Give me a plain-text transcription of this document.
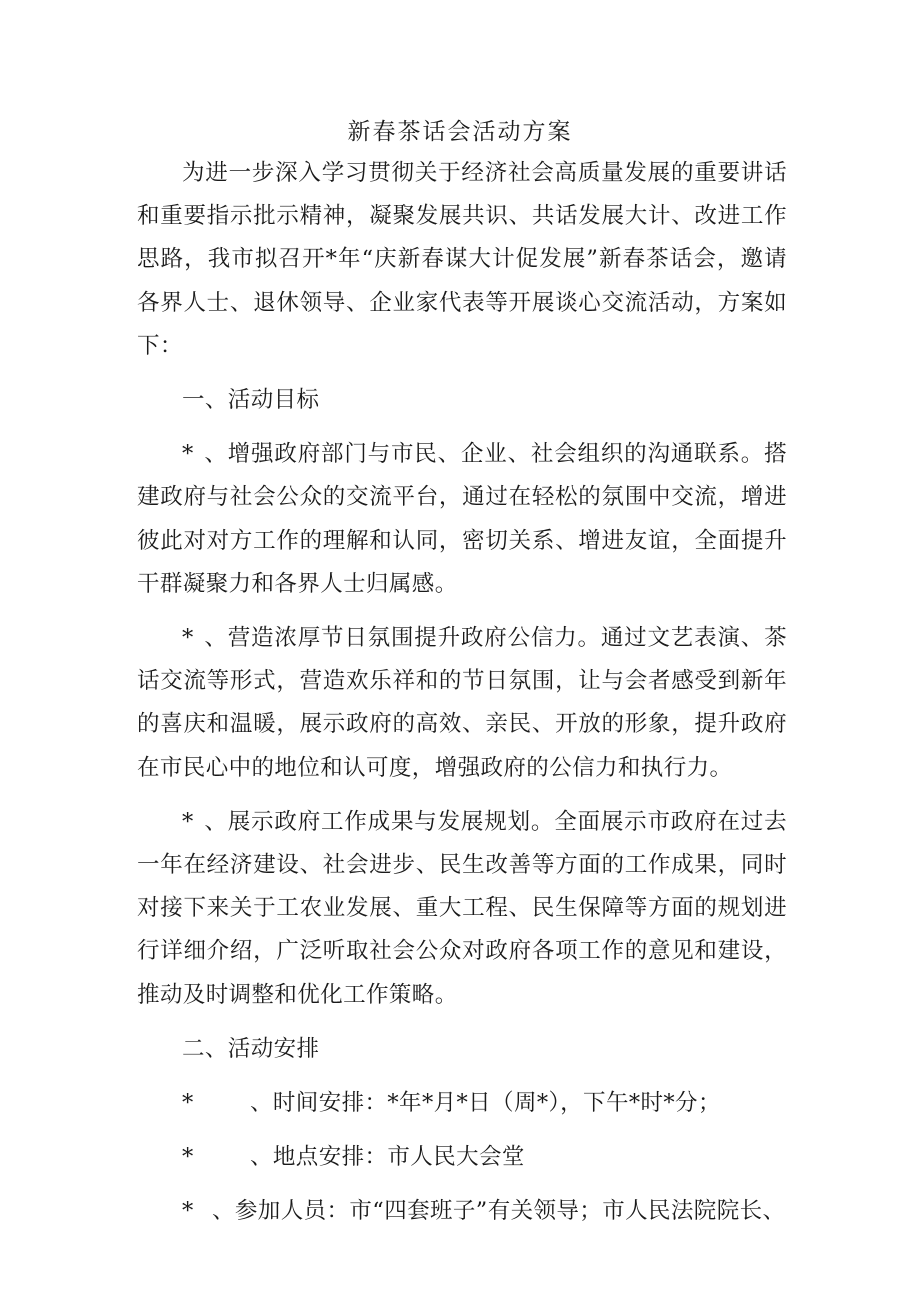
新春茶话会活动方案

为进一步深入学习贯彻关于经济社会高质量发展的重要讲话和重要指示批示精神，凝聚发展共识、共话发展大计、改进工作思路，我市拟召开*年“庆新春谋大计促发展”新春茶话会，邀请各界人士、退休领导、企业家代表等开展谈心交流活动，方案如下：

一、活动目标

* 、增强政府部门与市民、企业、社会组织的沟通联系。搭建政府与社会公众的交流平台，通过在轻松的氛围中交流，增进彼此对对方工作的理解和认同，密切关系、增进友谊，全面提升干群凝聚力和各界人士归属感。

* 、营造浓厚节日氛围提升政府公信力。通过文艺表演、茶话交流等形式，营造欢乐祥和的节日氛围，让与会者感受到新年的喜庆和温暖，展示政府的高效、亲民、开放的形象，提升政府在市民心中的地位和认可度，增强政府的公信力和执行力。

* 、展示政府工作成果与发展规划。全面展示市政府在过去一年在经济建设、社会进步、民生改善等方面的工作成果，同时对接下来关于工农业发展、重大工程、民生保障等方面的规划进行详细介绍，广泛听取社会公众对政府各项工作的意见和建设，推动及时调整和优化工作策略。

二、活动安排

*	、时间安排：*年*月*日（周*），下午*时*分；

*	、地点安排：市人民大会堂

* 、参加人员：市“四套班子”有关领导；市人民法院院长、
